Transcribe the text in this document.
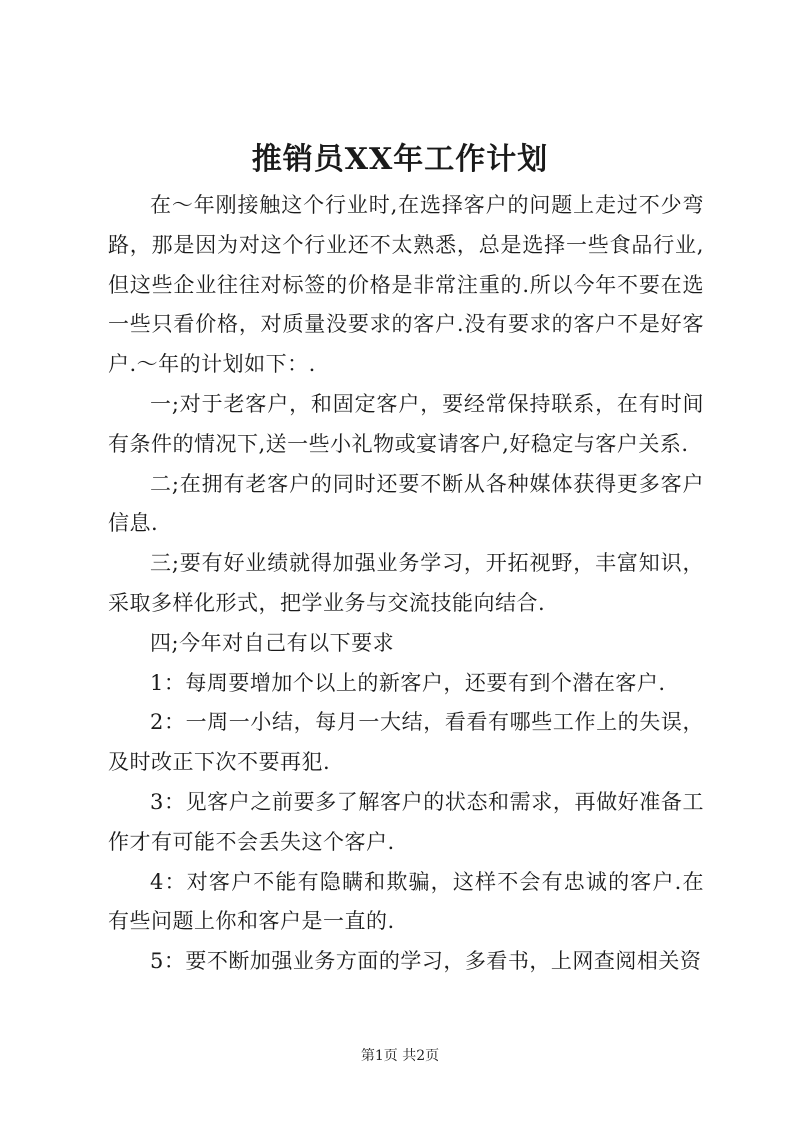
推销员XX年工作计划

在～年刚接触这个行业时,在选择客户的问题上走过不少弯路，那是因为对这个行业还不太熟悉，总是选择一些食品行业,但这些企业往往对标签的价格是非常注重的.所以今年不要在选一些只看价格，对质量没要求的客户.没有要求的客户不是好客户.～年的计划如下：.

一;对于老客户，和固定客户，要经常保持联系，在有时间有条件的情况下,送一些小礼物或宴请客户,好稳定与客户关系.

二;在拥有老客户的同时还要不断从各种媒体获得更多客户信息.

三;要有好业绩就得加强业务学习，开拓视野，丰富知识，采取多样化形式，把学业务与交流技能向结合.

四;今年对自己有以下要求

1：每周要增加个以上的新客户，还要有到个潜在客户.

2：一周一小结，每月一大结，看看有哪些工作上的失误，及时改正下次不要再犯.

3：见客户之前要多了解客户的状态和需求，再做好准备工作才有可能不会丢失这个客户.

4：对客户不能有隐瞒和欺骗，这样不会有忠诚的客户.在有些问题上你和客户是一直的.

5：要不断加强业务方面的学习，多看书，上网查阅相关资

第1页 共2页
